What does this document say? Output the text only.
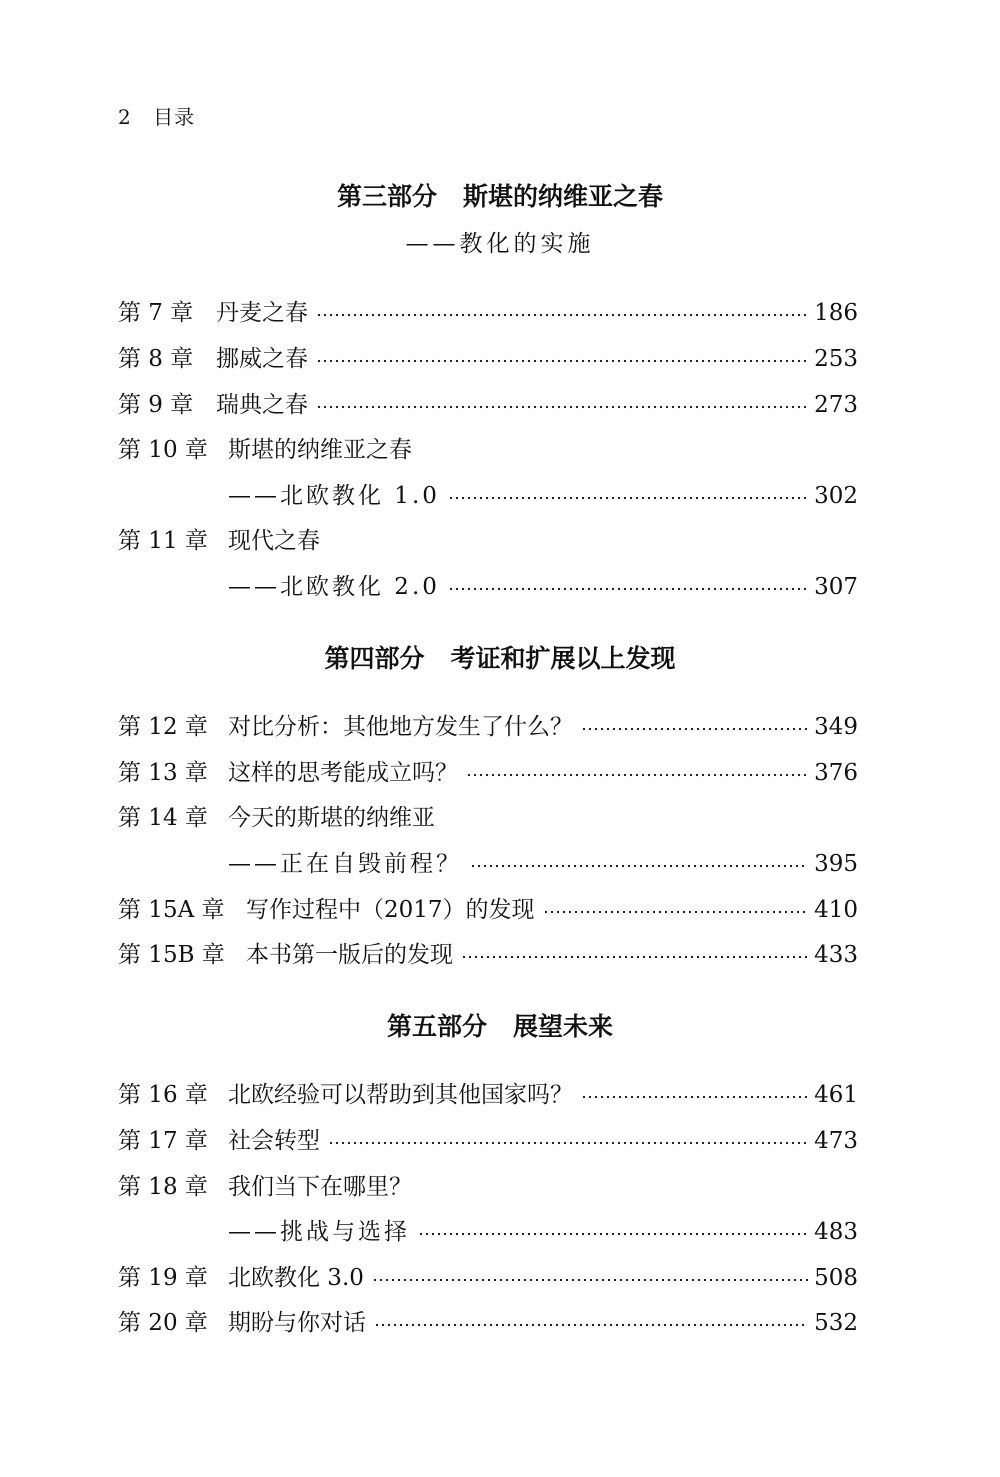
2 目录
第三部分 斯堪的纳维亚之春
——教化的实施
第 7 章 丹麦之春	186
第 8 章 挪威之春	253
第 9 章 瑞典之春	273
第 10 章 斯堪的纳维亚之春
——北欧教化 1.0	302
第 11 章 现代之春
——北欧教化 2.0	307
第四部分 考证和扩展以上发现
第 12 章 对比分析：其他地方发生了什么？	349
第 13 章 这样的思考能成立吗？	376
第 14 章 今天的斯堪的纳维亚
——正在自毁前程？	395
第 15A 章 写作过程中（2017）的发现	410
第 15B 章 本书第一版后的发现	433
第五部分 展望未来
第 16 章 北欧经验可以帮助到其他国家吗？	461
第 17 章 社会转型	473
第 18 章 我们当下在哪里？
——挑战与选择	483
第 19 章 北欧教化 3.0	508
第 20 章 期盼与你对话	532
